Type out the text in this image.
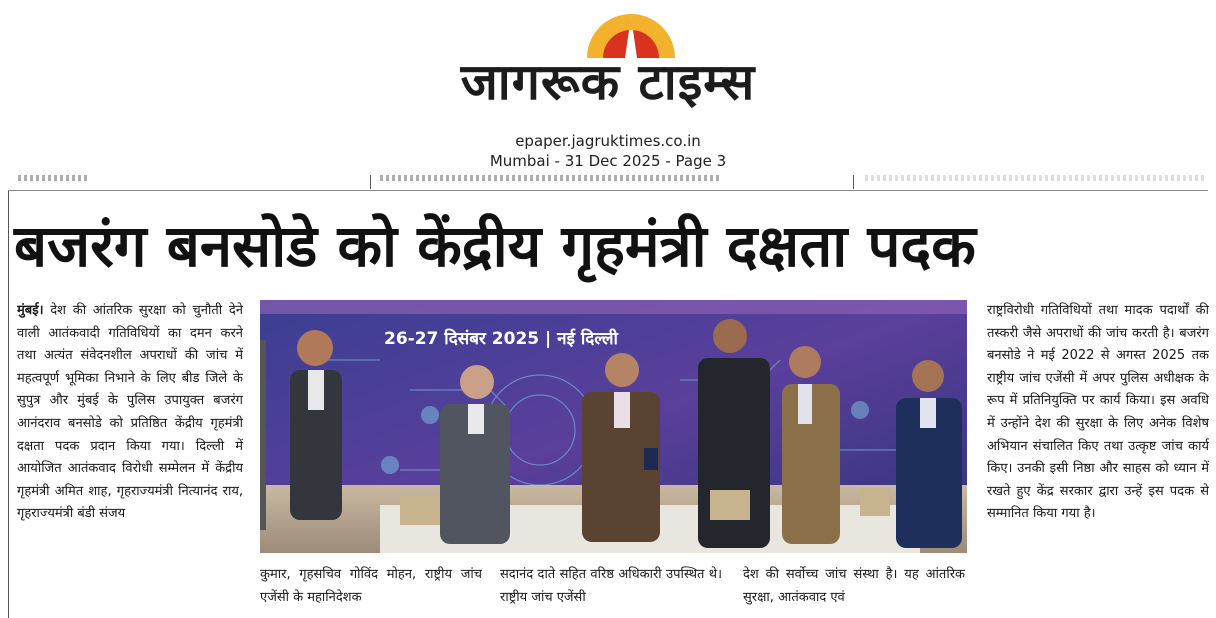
जागरूक टाइम्स
epaper.jagruktimes.co.in
Mumbai - 31 Dec 2025 - Page 3
बजरंग बनसोडे को केंद्रीय गृहमंत्री दक्षता पदक
मुंबई। देश की आंतरिक सुरक्षा को चुनौती देने वाली आतंकवादी गतिविधियों का दमन करने तथा अत्यंत संवेदनशील अपराधों की जांच में महत्वपूर्ण भूमिका निभाने के लिए बीड जिले के सुपुत्र और मुंबई के पुलिस उपायुक्त बजरंग आनंदराव बनसोडे को प्रतिष्ठित केंद्रीय गृहमंत्री दक्षता पदक प्रदान किया गया। दिल्ली में आयोजित आतंकवाद विरोधी सम्मेलन में केंद्रीय गृहमंत्री अमित शाह, गृहराज्यमंत्री नित्यानंद राय, गृहराज्यमंत्री बंडी संजय
26-27 दिसंबर 2025 | नई दिल्ली
कुमार, गृहसचिव गोविंद मोहन, राष्ट्रीय जांच एजेंसी के महानिदेशक
सदानंद दाते सहित वरिष्ठ अधिकारी उपस्थित थे। राष्ट्रीय जांच एजेंसी
देश की सर्वोच्च जांच संस्था है। यह आंतरिक सुरक्षा, आतंकवाद एवं
राष्ट्रविरोधी गतिविधियों तथा मादक पदार्थों की तस्करी जैसे अपराधों की जांच करती है। बजरंग बनसोडे ने मई 2022 से अगस्त 2025 तक राष्ट्रीय जांच एजेंसी में अपर पुलिस अधीक्षक के रूप में प्रतिनियुक्ति पर कार्य किया। इस अवधि में उन्होंने देश की सुरक्षा के लिए अनेक विशेष अभियान संचालित किए तथा उत्कृष्ट जांच कार्य किए। उनकी इसी निष्ठा और साहस को ध्यान में रखते हुए केंद्र सरकार द्वारा उन्हें इस पदक से सम्मानित किया गया है।
